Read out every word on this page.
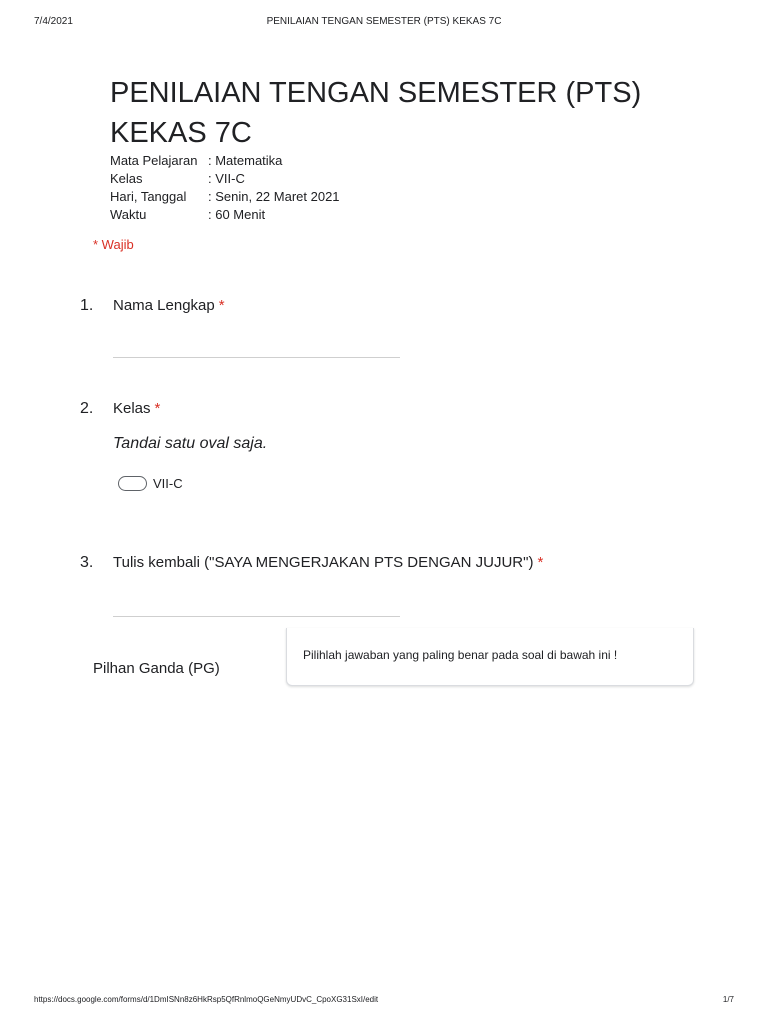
7/4/2021	PENILAIAN TENGAN SEMESTER (PTS) KEKAS 7C
PENILAIAN TENGAN SEMESTER (PTS) KEKAS 7C
Mata Pelajaran : Matematika
Kelas	: VII-C
Hari, Tanggal	: Senin, 22 Maret 2021
Waktu	: 60 Menit
* Wajib
1. Nama Lengkap *
2. Kelas *
Tandai satu oval saja.
VII-C
3. Tulis kembali ("SAYA MENGERJAKAN PTS DENGAN JUJUR") *
Pilhan Ganda (PG)
Pilihlah jawaban yang paling benar pada soal di bawah ini !
https://docs.google.com/forms/d/1DmISNn8z6HkRsp5QfRnlmoQGeNmyUDvC_CpoXG31SxI/edit	1/7
